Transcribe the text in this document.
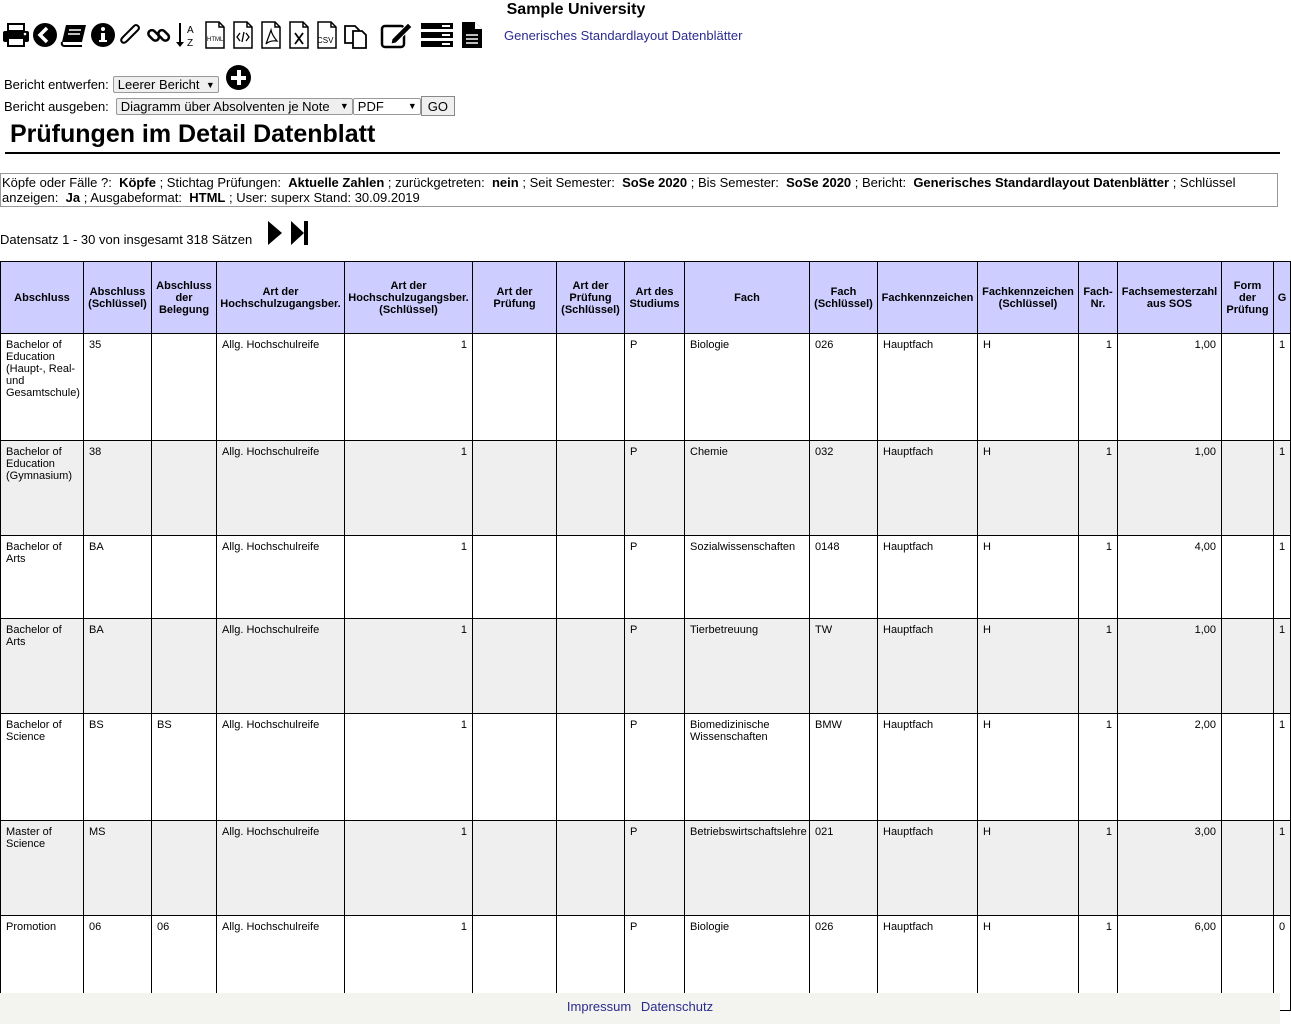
Sample University
A
Z HTML	CSV	Generisches Standardlayout Datenblätter
Bericht entwerfen: Leerer Bericht ▼
Bericht ausgeben: Diagramm über Absolventen je Note ▼ PDF	▼ GO
Prüfungen im Detail Datenblatt
Köpfe oder Fälle ?: Köpfe ; Stichtag Prüfungen: Aktuelle Zahlen ; zurückgetreten: nein ; Seit Semester: SoSe 2020 ; Bis Semester: SoSe 2020 ; Bericht: Generisches Standardlayout Datenblätter ; Schlüssel anzeigen: Ja ; Ausgabeformat: HTML ; User: superx Stand: 30.09.2019
Datensatz 1 - 30 von insgesamt 318 Sätzen
Abschluss	Abschluss (Schlüssel)	Abschluss der Belegung	Art der Hochschulzugangsber.	Art der Hochschulzugangsber. (Schlüssel)	Art der Prüfung	Art der Prüfung (Schlüssel)	Art des Studiums	Fach	Fach (Schlüssel)	Fachkennzeichen	Fachkennzeichen (Schlüssel)	Fach-Nr.	Fachsemesterzahl aus SOS	Form der Prüfung	G
Bachelor of Education (Haupt-, Real- und Gesamtschule)	35		Allg. Hochschulreife	1			P	Biologie	026	Hauptfach	H	1	1,00		1
Bachelor of Education (Gymnasium)	38		Allg. Hochschulreife	1			P	Chemie	032	Hauptfach	H	1	1,00		1
Bachelor of Arts	BA		Allg. Hochschulreife	1			P	Sozialwissenschaften	0148	Hauptfach	H	1	4,00		1
Bachelor of Arts	BA		Allg. Hochschulreife	1			P	Tierbetreuung	TW	Hauptfach	H	1	1,00		1
Bachelor of Science	BS	BS	Allg. Hochschulreife	1			P	Biomedizinische Wissenschaften	BMW	Hauptfach	H	1	2,00		1
Master of Science	MS		Allg. Hochschulreife	1			P	Betriebswirtschaftslehre	021	Hauptfach	H	1	3,00		1
Promotion	06	06	Allg. Hochschulreife	1			P	Biologie	026	Hauptfach	H	1	6,00		0
Impressum Datenschutz
